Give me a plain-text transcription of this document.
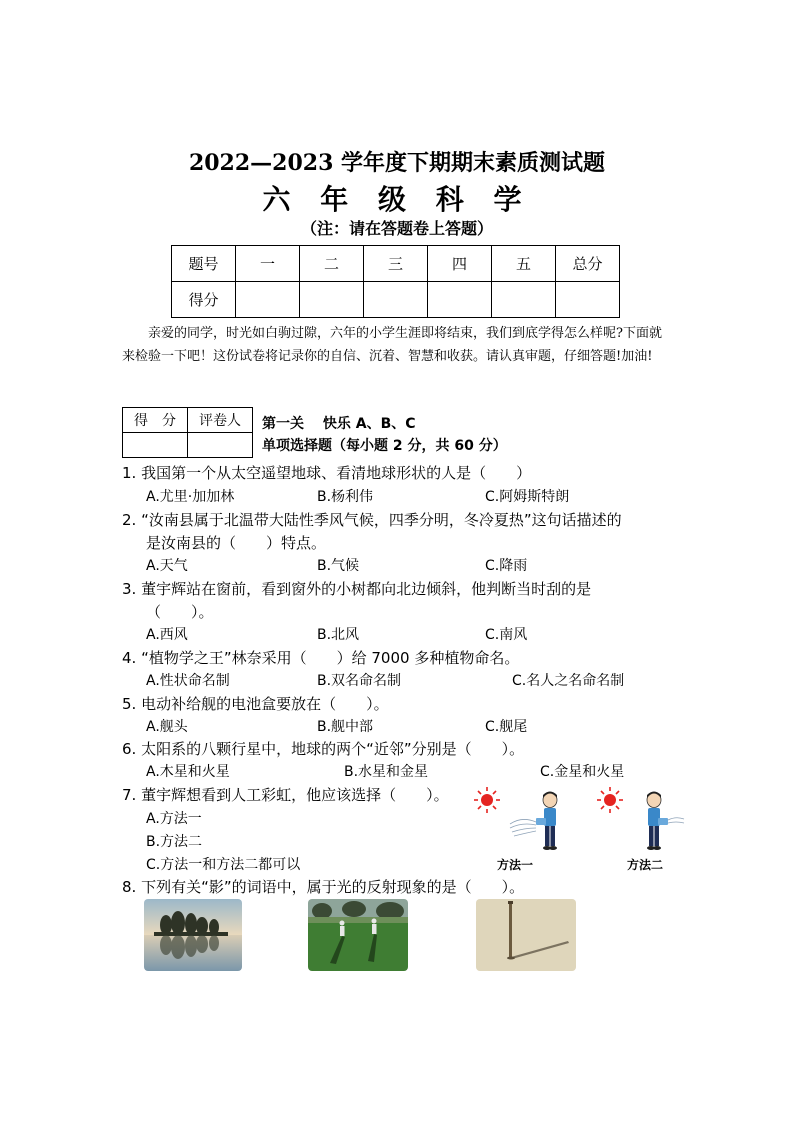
2022—2023 学年度下期期末素质测试题
六 年 级 科 学
（注：请在答题卷上答题）
题号	一	二	三	四	五	总分
得分						
亲爱的同学，时光如白驹过隙，六年的小学生涯即将结束，我们到底学得怎么样呢?下面就来检验一下吧！这份试卷将记录你的自信、沉着、智慧和收获。请认真审题，仔细答题!加油!
得　分	评卷人
	第一关　 快乐 A、B、C
单项选择题（每小题 2 分，共 60 分）
1. 我国第一个从太空遥望地球、看清地球形状的人是（　　）
A.尤里·加加林	B.杨利伟	C.阿姆斯特朗
2. “汝南县属于北温带大陆性季风气候，四季分明，冬冷夏热”这句话描述的
是汝南县的（　　）特点。
A.天气	B.气候	C.降雨
3. 董宇辉站在窗前，看到窗外的小树都向北边倾斜，他判断当时刮的是
（　　）。
A.西风	B.北风	C.南风
4. “植物学之王”林奈采用（　　）给 7000 多种植物命名。
A.性状命名制	B.双名命名制	C.名人之名命名制
5. 电动补给舰的电池盒要放在（　　）。
A.舰头	B.舰中部	C.舰尾
6. 太阳系的八颗行星中，地球的两个“近邻”分别是（　　）。
A.木星和火星	B.水星和金星	C.金星和火星
7. 董宇辉想看到人工彩虹，他应该选择（　　）。
A.方法一
B.方法二
C.方法一和方法二都可以	方法一	方法二
8. 下列有关“影”的词语中，属于光的反射现象的是（　　）。
